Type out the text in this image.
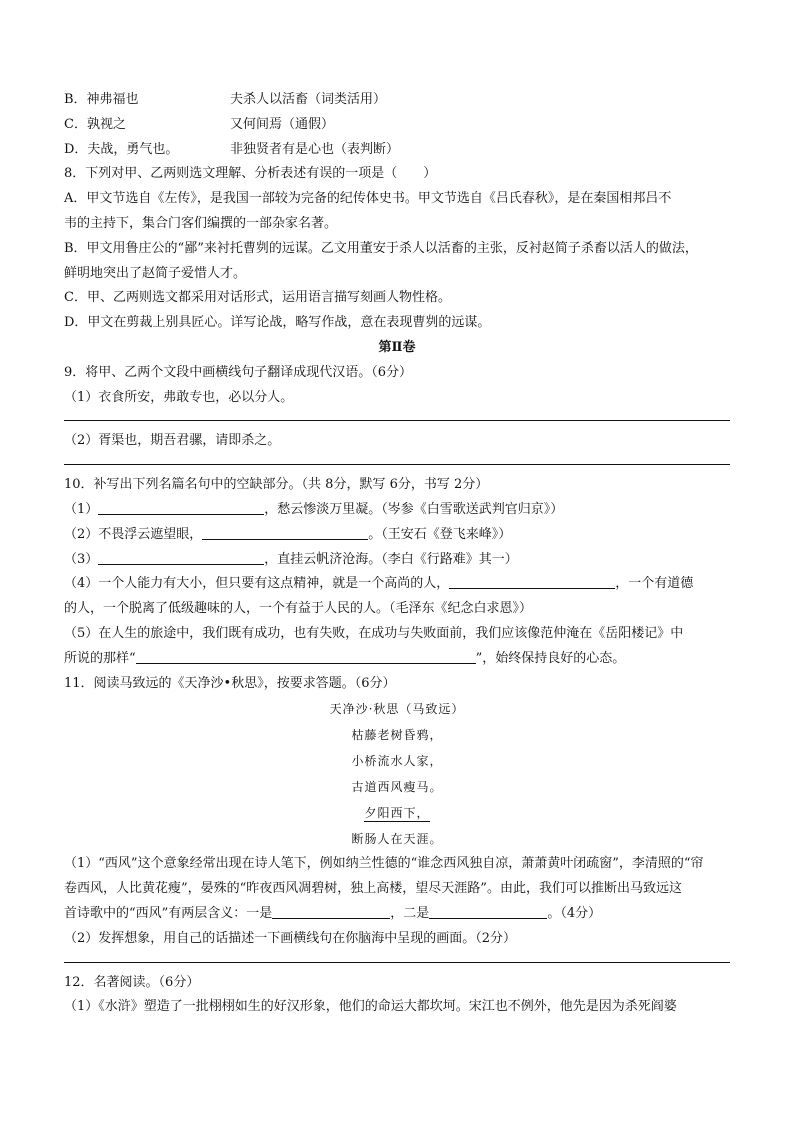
B．神弗福也	夫杀人以活畜（词类活用）
C．孰视之	又何间焉（通假）
D．夫战，勇气也。	非独贤者有是心也（表判断）
8．下列对甲、乙两则选文理解、分析表述有误的一项是（　　）
A．甲文节选自《左传》，是我国一部较为完备的纪传体史书。甲文节选自《吕氏春秋》，是在秦国相邦吕不
韦的主持下，集合门客们编撰的一部杂家名著。
B．甲文用鲁庄公的“鄙”来衬托曹刿的远谋。乙文用董安于杀人以活畜的主张，反衬赵简子杀畜以活人的做法，
鲜明地突出了赵简子爱惜人才。
C．甲、乙两则选文都采用对话形式，运用语言描写刻画人物性格。
D．甲文在剪裁上别具匠心。详写论战，略写作战，意在表现曹刿的远谋。
第Ⅱ卷
9．将甲、乙两个文段中画横线句子翻译成现代汉语。（6分）
（1）衣食所安，弗敢专也，必以分人。
（2）胥渠也，期吾君骡，请即杀之。
10．补写出下列名篇名句中的空缺部分。（共 8分，默写 6分，书写 2分）
（1）	，愁云惨淡万里凝。（岑参《白雪歌送武判官归京》）
（2）不畏浮云遮望眼，	。（王安石《登飞来峰》）
（3）	，直挂云帆济沧海。（李白《行路难》其一）
（4）一个人能力有大小，但只要有这点精神，就是一个高尚的人，	，一个有道德
的人，一个脱离了低级趣味的人，一个有益于人民的人。（毛泽东《纪念白求恩》）
（5）在人生的旅途中，我们既有成功，也有失败，在成功与失败面前，我们应该像范仲淹在《岳阳楼记》中
所说的那样“	”，始终保持良好的心态。
11．阅读马致远的《天净沙•秋思》，按要求答题。（6分）
天净沙·秋思（马致远）
枯藤老树昏鸦，
小桥流水人家，
古道西风瘦马。
夕阳西下，
断肠人在天涯。
（1）“西风”这个意象经常出现在诗人笔下，例如纳兰性德的“谁念西风独自凉，萧萧黄叶闭疏窗”，李清照的“帘
卷西风，人比黄花瘦”，晏殊的“昨夜西风凋碧树，独上高楼，望尽天涯路”。由此，我们可以推断出马致远这
首诗歌中的“西风”有两层含义：一是	，二是	。（4分）
（2）发挥想象，用自己的话描述一下画横线句在你脑海中呈现的画面。（2分）
12．名著阅读。（6分）
（1）《水浒》塑造了一批栩栩如生的好汉形象，他们的命运大都坎坷。宋江也不例外，他先是因为杀死阎婆
